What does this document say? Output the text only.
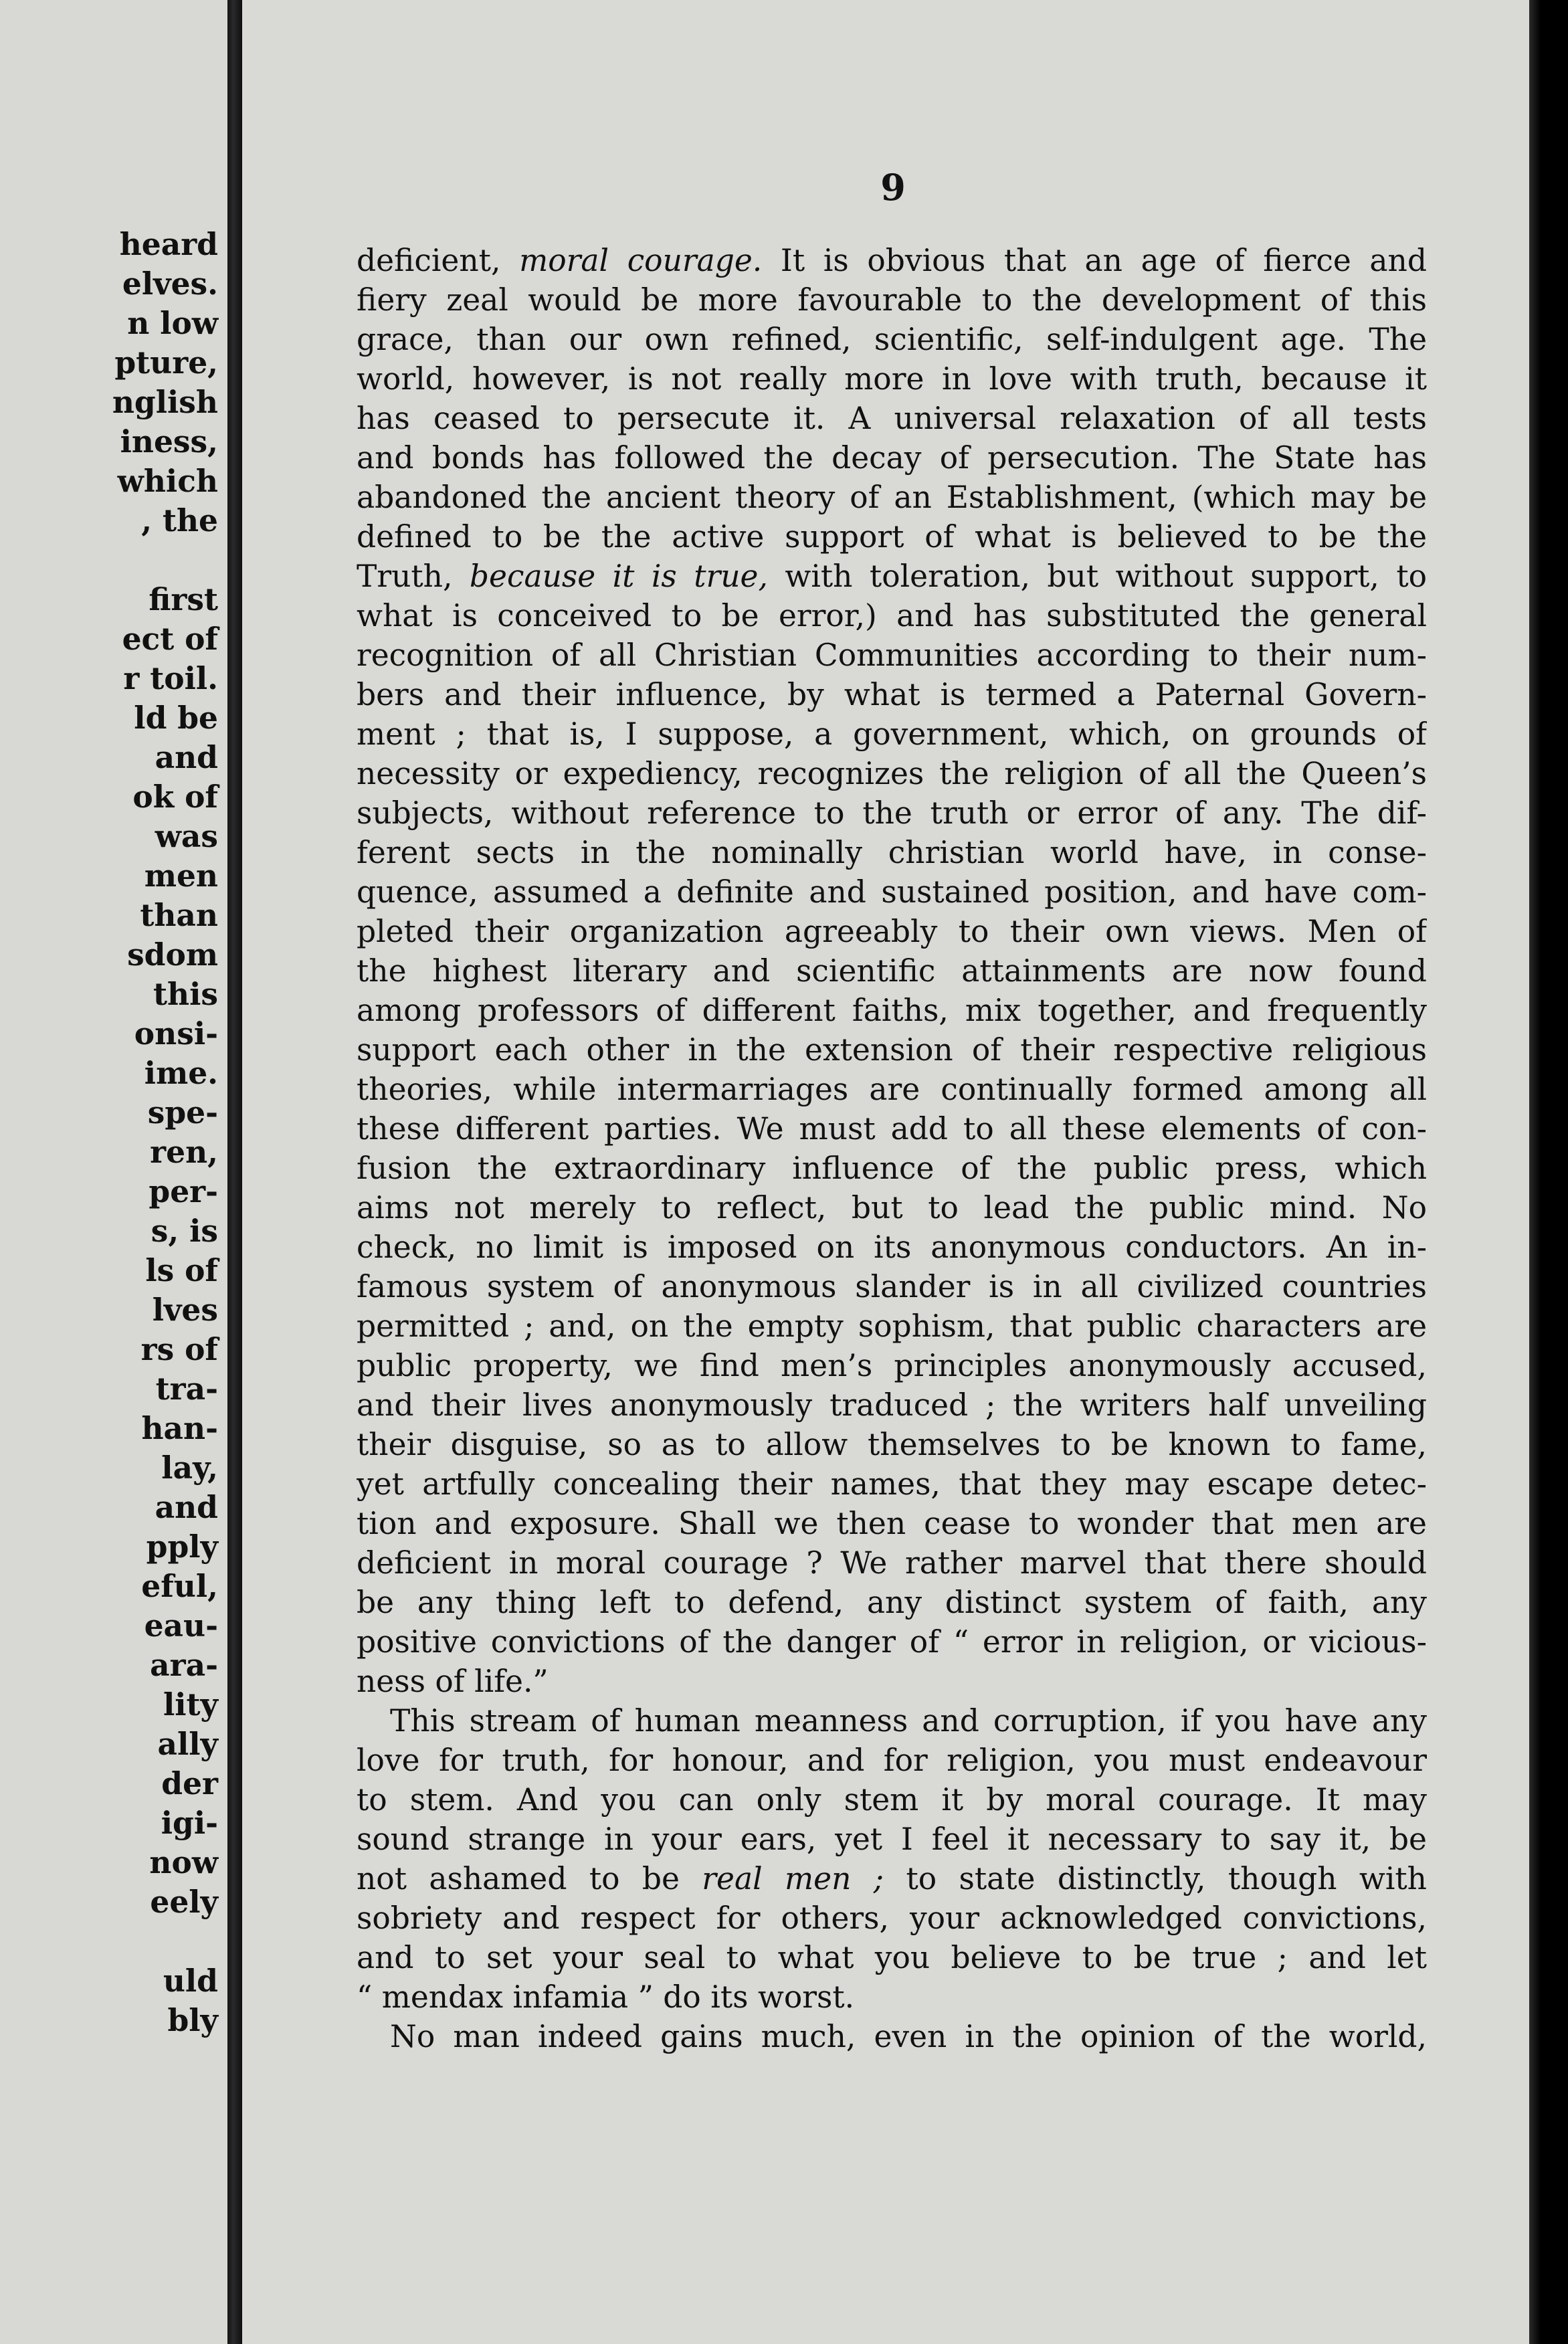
heard
elves.
n low
pture,
nglish
iness,
which
, the
first
ect of
r toil.
ld be
and
ok of
was
men
than
sdom
this
onsi-
ime.
spe-
ren,
per-
s, is
ls of
lves
rs of
tra-
han-
lay,
and
pply
eful,
eau-
ara-
lity
ally
der
igi-
now
eely
uld
bly
9
deficient, moral courage. It is obvious that an age of fierce and
fiery zeal would be more favourable to the development of this
grace, than our own refined, scientific, self-indulgent age. The
world, however, is not really more in love with truth, because it
has ceased to persecute it. A universal relaxation of all tests
and bonds has followed the decay of persecution. The State has
abandoned the ancient theory of an Establishment, (which may be
defined to be the active support of what is believed to be the
Truth, because it is true, with toleration, but without support, to
what is conceived to be error,) and has substituted the general
recognition of all Christian Communities according to their num-
bers and their influence, by what is termed a Paternal Govern-
ment ; that is, I suppose, a government, which, on grounds of
necessity or expediency, recognizes the religion of all the Queen’s
subjects, without reference to the truth or error of any. The dif-
ferent sects in the nominally christian world have, in conse-
quence, assumed a definite and sustained position, and have com-
pleted their organization agreeably to their own views. Men of
the highest literary and scientific attainments are now found
among professors of different faiths, mix together, and frequently
support each other in the extension of their respective religious
theories, while intermarriages are continually formed among all
these different parties. We must add to all these elements of con-
fusion the extraordinary influence of the public press, which
aims not merely to reflect, but to lead the public mind. No
check, no limit is imposed on its anonymous conductors. An in-
famous system of anonymous slander is in all civilized countries
permitted ; and, on the empty sophism, that public characters are
public property, we find men’s principles anonymously accused,
and their lives anonymously traduced ; the writers half unveiling
their disguise, so as to allow themselves to be known to fame,
yet artfully concealing their names, that they may escape detec-
tion and exposure. Shall we then cease to wonder that men are
deficient in moral courage ? We rather marvel that there should
be any thing left to defend, any distinct system of faith, any
positive convictions of the danger of “ error in religion, or vicious-
ness of life.”
This stream of human meanness and corruption, if you have any
love for truth, for honour, and for religion, you must endeavour
to stem. And you can only stem it by moral courage. It may
sound strange in your ears, yet I feel it necessary to say it, be
not ashamed to be real men ; to state distinctly, though with
sobriety and respect for others, your acknowledged convictions,
and to set your seal to what you believe to be true ; and let
“ mendax infamia ” do its worst.
No man indeed gains much, even in the opinion of the world,
